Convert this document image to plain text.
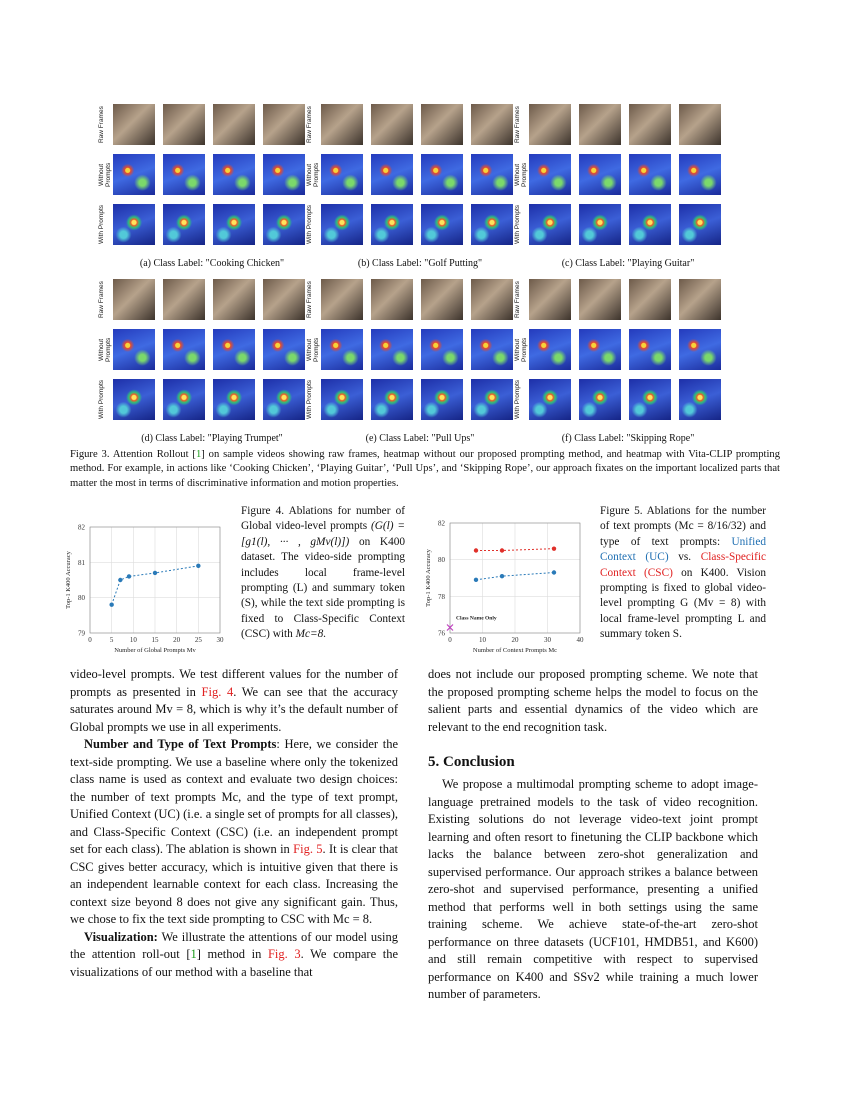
Raw Frames
Without Prompts
With Prompts
(a) Class Label: "Cooking Chicken"
Raw Frames
Without Prompts
With Prompts
(b) Class Label: "Golf Putting"
Raw Frames
Without Prompts
With Prompts
(c) Class Label: "Playing Guitar"
Raw Frames
Without Prompts
With Prompts
(d) Class Label: "Playing Trumpet"
Raw Frames
Without Prompts
With Prompts
(e) Class Label: "Pull Ups"
Raw Frames
Without Prompts
With Prompts
(f) Class Label: "Skipping Rope"
Figure 3. Attention Rollout [1] on sample videos showing raw frames, heatmap without our proposed prompting method, and heatmap with Vita-CLIP prompting method. For example, in actions like ‘Cooking Chicken’, ‘Playing Guitar’, ‘Pull Ups’, and ‘Skipping Rope’, our approach fixates on the important localized parts that matter the most in terms of discriminative information and motion properties.
79
80
81
82
0	5 10 15 20 25 30
Number of Global Prompts Mv
Top-1 K400 Accuracy
Figure 4. Ablations for number of Global video-level prompts (G(l) = [g1(l), ··· , gMv(l)]) on K400 dataset. The video-side prompting includes local frame-level prompting (L) and summary token (S), while the text side prompting is fixed to Class-Specific Context (CSC) with Mc=8.	76
78
80
82
0	10	20	30	40
Number of Context Prompts Mc
Top-1 K400 Accuracy
Class Name Only
Figure 5. Ablations for the number of text prompts (Mc = 8/16/32) and type of text prompts: Unified Context (UC) vs. Class-Specific Context (CSC) on K400. Vision prompting is fixed to global video-level prompting G (Mv = 8) with local frame-level prompting L and summary token S.

video-level prompts. We test different values for the number of prompts as presented in Fig. 4. We can see that the accuracy saturates around Mv = 8, which is why it’s the default number of Global prompts we use in all experiments.

Number and Type of Text Prompts: Here, we consider the text-side prompting. We use a baseline where only the tokenized class name is used as context and evaluate two design choices: the number of text prompts Mc, and the type of text prompt, Unified Context (UC) (i.e. a single set of prompts for all classes), and Class-Specific Context (CSC) (i.e. an independent prompt set for each class). The ablation is shown in Fig. 5. It is clear that CSC gives better accuracy, which is intuitive given that there is an independent learnable context for each class. Increasing the context size beyond 8 does not give any significant gain. Thus, we chose to fix the text side prompting to CSC with Mc = 8.

Visualization: We illustrate the attentions of our model using the attention roll-out [1] method in Fig. 3. We compare the visualizations of our method with a baseline that

does not include our proposed prompting scheme. We note that the proposed prompting scheme helps the model to focus on the salient parts and essential dynamics of the video which are relevant to the end recognition task.

5. Conclusion

We propose a multimodal prompting scheme to adopt image-language pretrained models to the task of video recognition. Existing solutions do not leverage video-text joint prompt learning and often resort to finetuning the CLIP backbone which lacks the balance between zero-shot generalization and supervised performance. Our approach strikes a balance between zero-shot and supervised performance, presenting a unified method that performs well in both settings using the same training scheme. We achieve state-of-the-art zero-shot performance on three datasets (UCF101, HMDB51, and K600) and still remain competitive with respect to supervised performance on K400 and SSv2 while training a much lower number of parameters.
